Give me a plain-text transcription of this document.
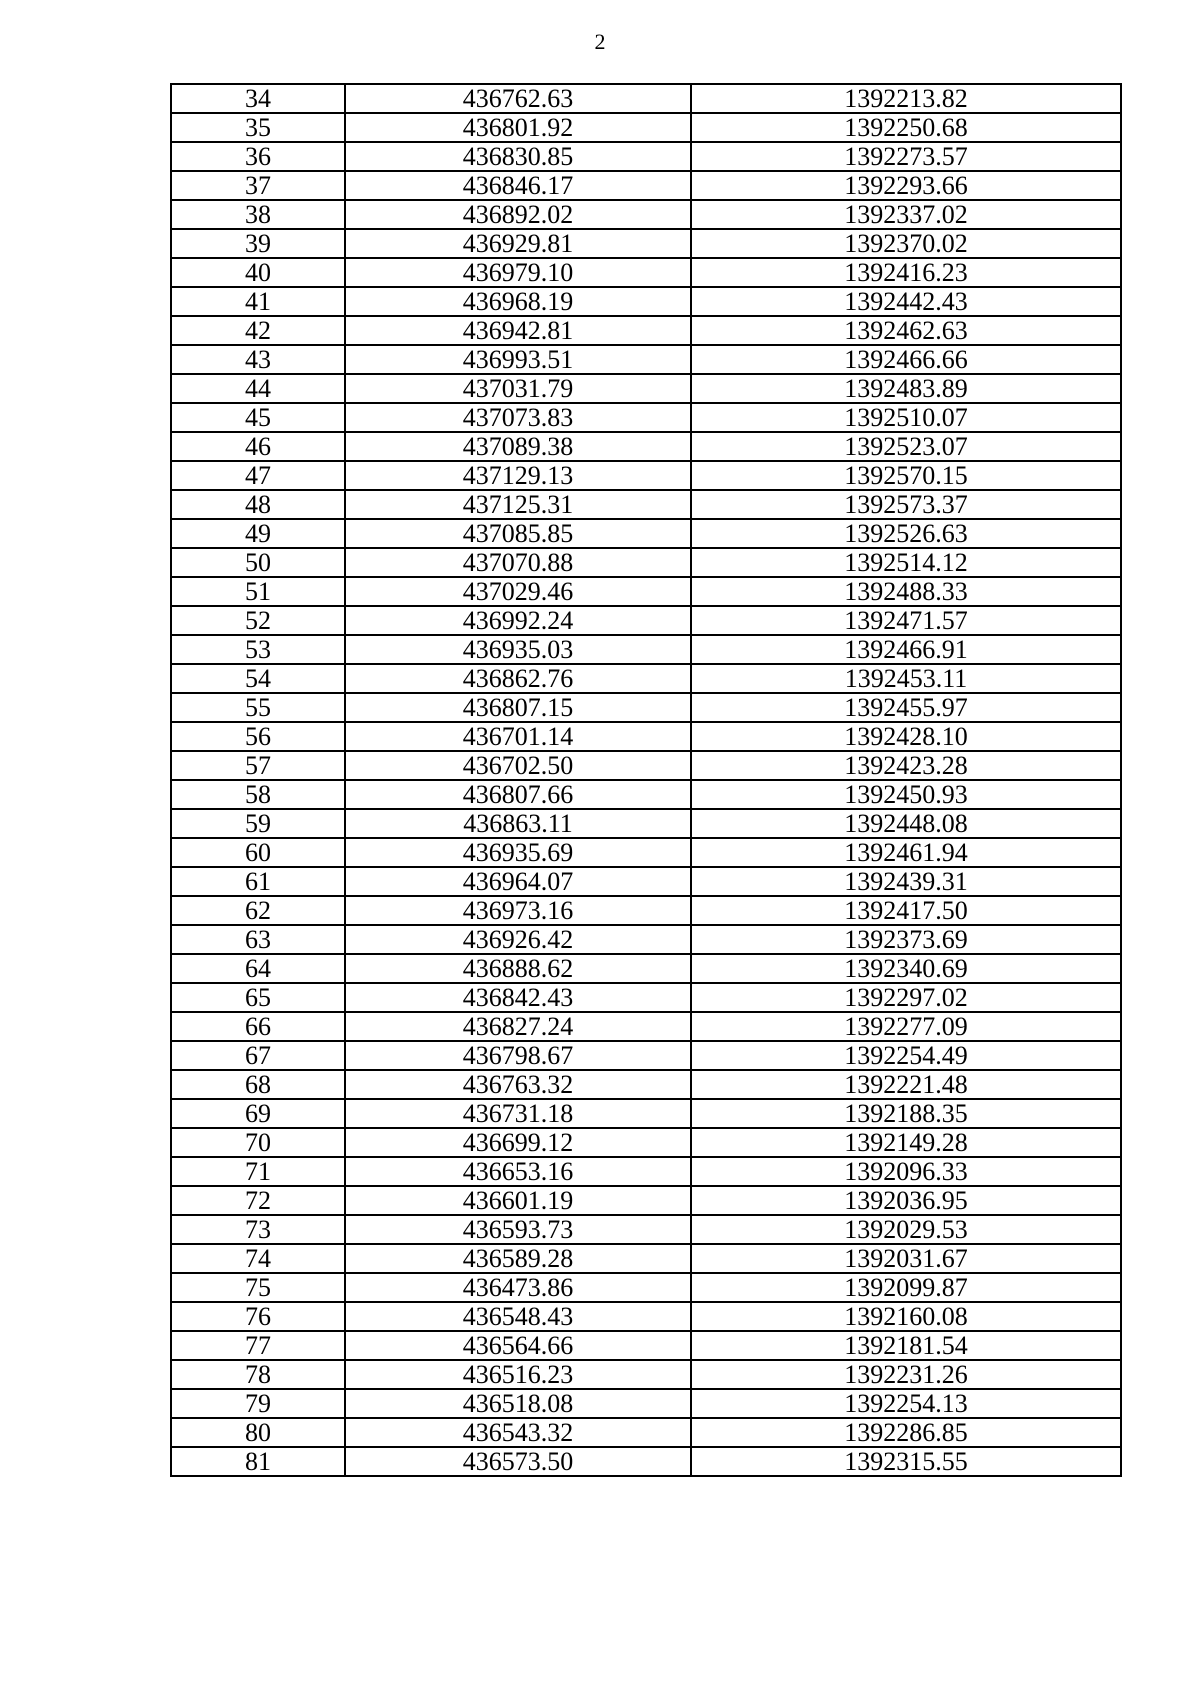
2
34	436762.63	1392213.82
35	436801.92	1392250.68
36	436830.85	1392273.57
37	436846.17	1392293.66
38	436892.02	1392337.02
39	436929.81	1392370.02
40	436979.10	1392416.23
41	436968.19	1392442.43
42	436942.81	1392462.63
43	436993.51	1392466.66
44	437031.79	1392483.89
45	437073.83	1392510.07
46	437089.38	1392523.07
47	437129.13	1392570.15
48	437125.31	1392573.37
49	437085.85	1392526.63
50	437070.88	1392514.12
51	437029.46	1392488.33
52	436992.24	1392471.57
53	436935.03	1392466.91
54	436862.76	1392453.11
55	436807.15	1392455.97
56	436701.14	1392428.10
57	436702.50	1392423.28
58	436807.66	1392450.93
59	436863.11	1392448.08
60	436935.69	1392461.94
61	436964.07	1392439.31
62	436973.16	1392417.50
63	436926.42	1392373.69
64	436888.62	1392340.69
65	436842.43	1392297.02
66	436827.24	1392277.09
67	436798.67	1392254.49
68	436763.32	1392221.48
69	436731.18	1392188.35
70	436699.12	1392149.28
71	436653.16	1392096.33
72	436601.19	1392036.95
73	436593.73	1392029.53
74	436589.28	1392031.67
75	436473.86	1392099.87
76	436548.43	1392160.08
77	436564.66	1392181.54
78	436516.23	1392231.26
79	436518.08	1392254.13
80	436543.32	1392286.85
81	436573.50	1392315.55
